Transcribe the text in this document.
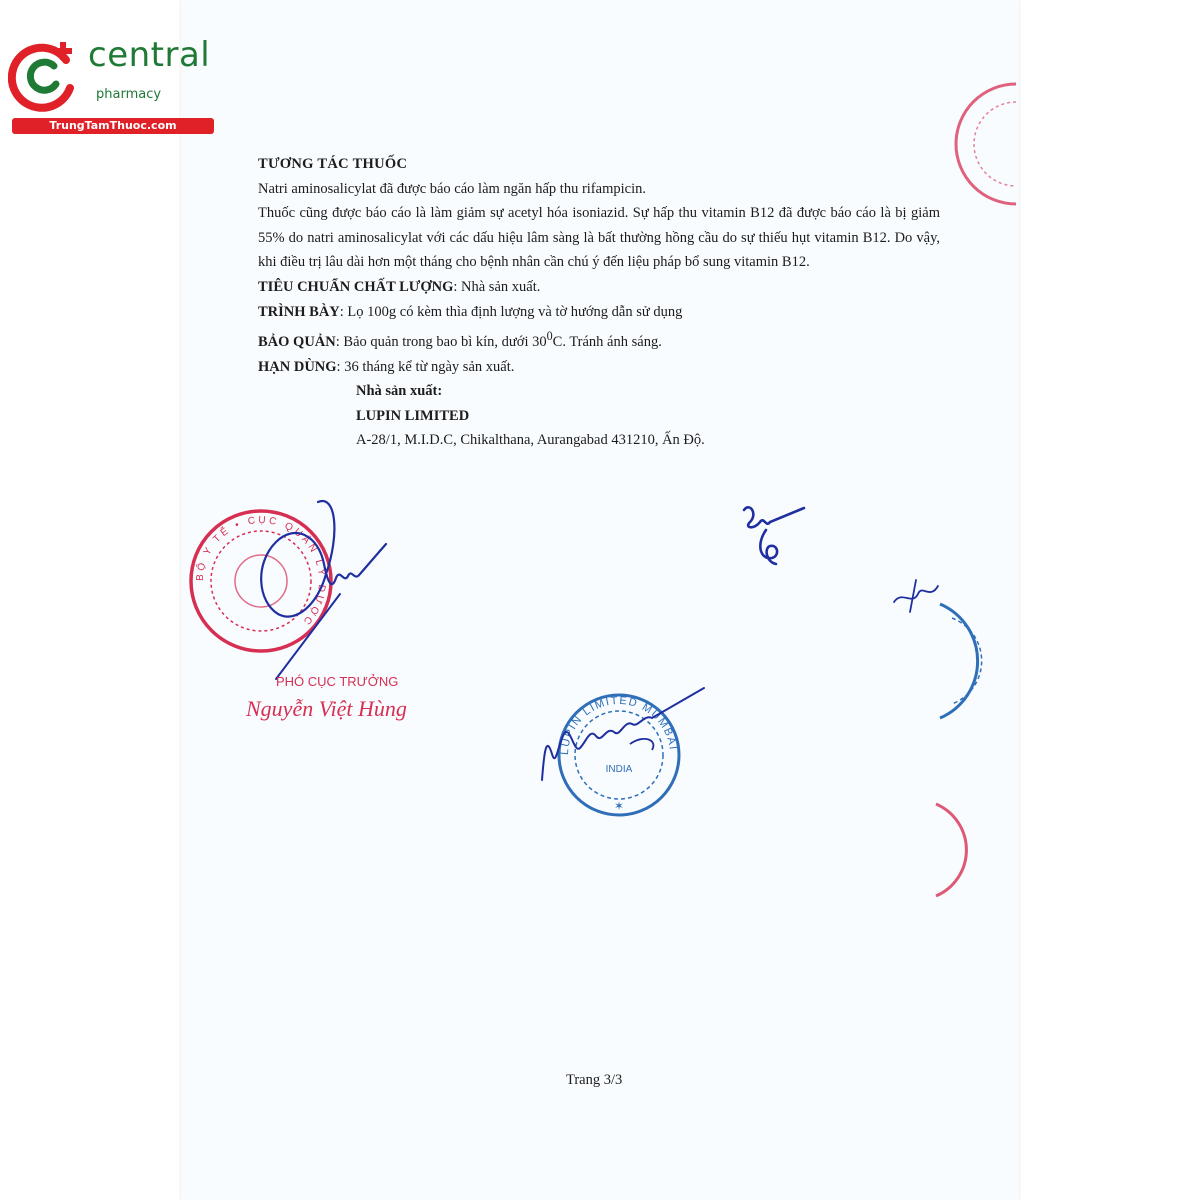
central
pharmacy
TrungTamThuoc.com

TƯƠNG TÁC THUỐC

Natri aminosalicylat đã được báo cáo làm ngăn hấp thu rifampicin.

Thuốc cũng được báo cáo là làm giảm sự acetyl hóa isoniazid. Sự hấp thu vitamin B12 đã được báo cáo là bị giảm 55% do natri aminosalicylat với các dấu hiệu lâm sàng là bất thường hồng cầu do sự thiếu hụt vitamin B12. Do vậy, khi điều trị lâu dài hơn một tháng cho bệnh nhân cần chú ý đến liệu pháp bổ sung vitamin B12.

TIÊU CHUẨN CHẤT LƯỢNG: Nhà sản xuất.

TRÌNH BÀY: Lọ 100g có kèm thìa định lượng và tờ hướng dẫn sử dụng

BẢO QUẢN: Bảo quản trong bao bì kín, dưới $30^0C$. Tránh ánh sáng.

HẠN DÙNG: 36 tháng kể từ ngày sản xuất.

Nhà sản xuất:

LUPIN LIMITED

A-28/1, M.I.D.C, Chikalthana, Aurangabad 431210, Ấn Độ.

BỘ Y TẾ • CỤC QUẢN LÝ DƯỢC
PHÓ CỤC TRƯỞNG
Nguyễn Việt Hùng
LUPIN LIMITED MUMBAI
INDIA
✶
Trang 3/3
